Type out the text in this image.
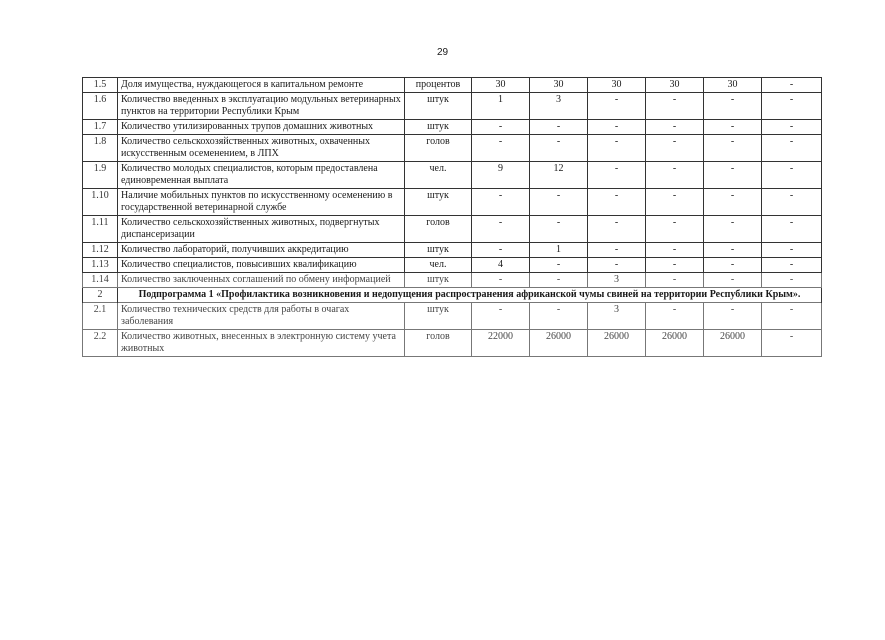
29
1.5	Доля имущества, нуждающегося в капитальном ремонте	процентов	30	30	30	30	30	-
1.6	Количество введенных в эксплуатацию модульных ветеринарных пунктов на территории Республики Крым	штук	1	3	-	-	-	-
1.7	Количество утилизированных трупов домашних животных	штук	-	-	-	-	-	-
1.8	Количество сельскохозяйственных животных, охваченных искусственным осеменением, в ЛПХ	голов	-	-	-	-	-	-
1.9	Количество молодых специалистов, которым предоставлена единовременная выплата	чел.	9	12	-	-	-	-
1.10	Наличие мобильных пунктов по искусственному осеменению в государственной ветеринарной службе	штук	-	-	-	-	-	-
1.11	Количество сельскохозяйственных животных, подвергнутых диспансеризации	голов	-	-	-	-	-	-
1.12	Количество лабораторий, получивших аккредитацию	штук	-	1	-	-	-	-
1.13	Количество специалистов, повысивших квалификацию	чел.	4	-	-	-	-	-
1.14	Количество заключенных соглашений по обмену информацией	штук	-	-	3	-	-	-
2	Подпрограмма 1 «Профилактика возникновения и недопущения распространения африканской чумы свиней на территории Республики Крым».							
2.1	Количество технических средств для работы в очагах заболевания	штук	-	-	3	-	-	-
2.2	Количество животных, внесенных в электронную систему учета животных	голов	22000	26000	26000	26000	26000	-
